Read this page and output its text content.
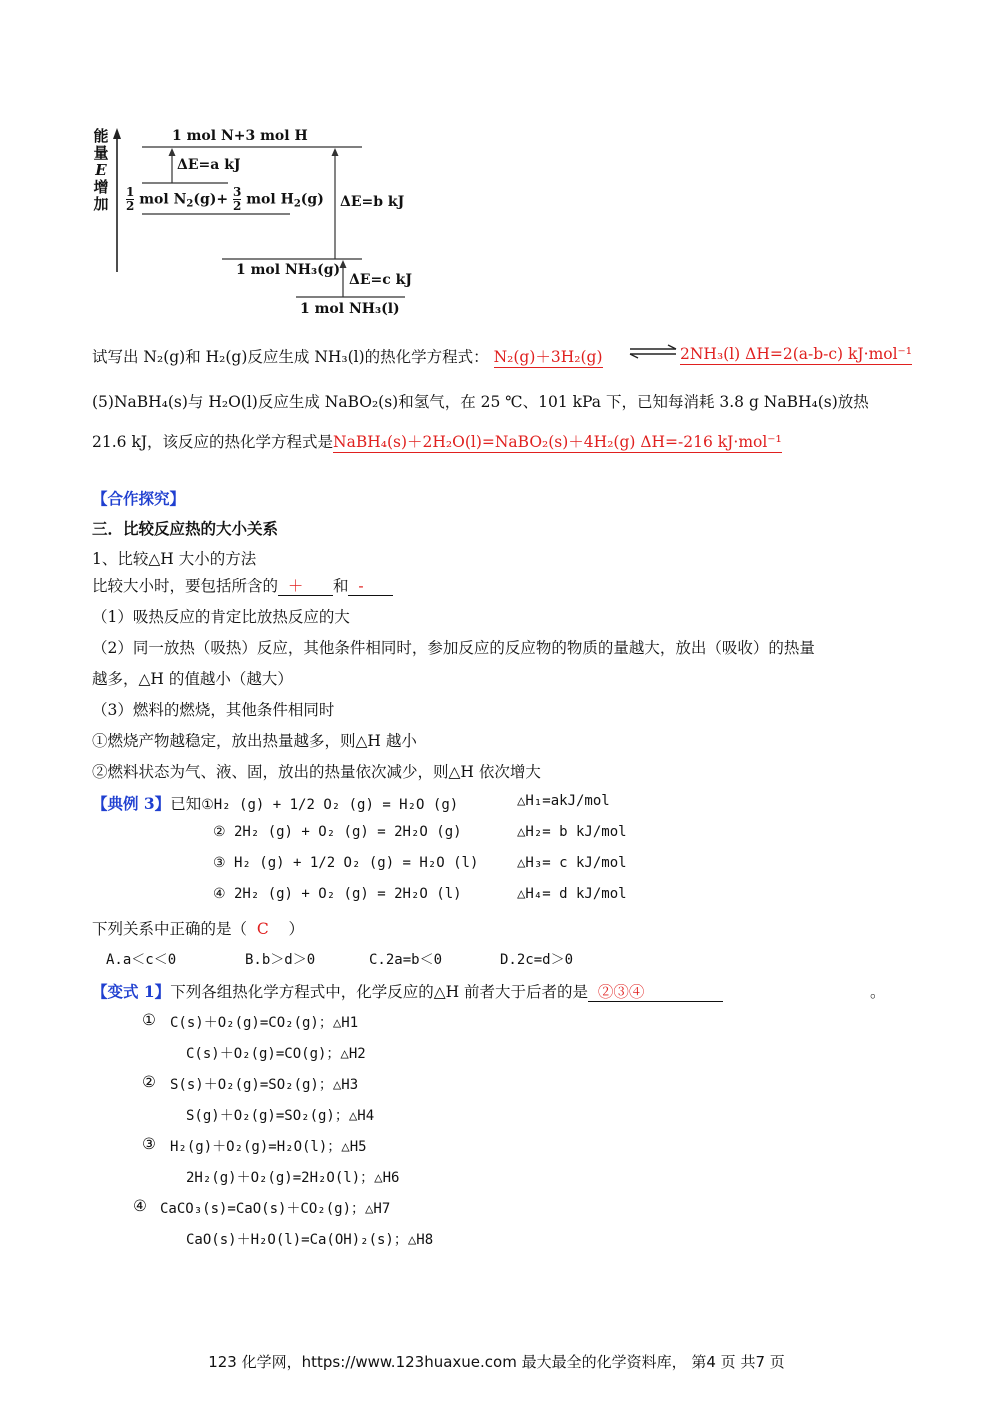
能
量
E
增
加
1 mol N+3 mol H
ΔE=a kJ
$\frac{1}{2}$ mol $N_2(g)+ \frac{3}{2}$ mol $H_2(g)$ ΔE=b kJ
1 mol NH₃(g)
ΔE=c kJ
1 mol NH₃(l)
试写出 N₂(g)和 H₂(g)反应生成 NH₃(l)的热化学方程式： N₂(g)＋3H₂(g) ⇌ 2NH₃(l) ΔH=2(a-b-c) kJ·mol⁻¹
(5)NaBH₄(s)与 H₂O(l)反应生成 NaBO₂(s)和氢气，在 25 ℃、101 kPa 下，已知每消耗 3.8 g NaBH₄(s)放热
21.6 kJ，该反应的热化学方程式是NaBH₄(s)＋2H₂O(l)=NaBO₂(s)＋4H₂(g) ΔH=-216 kJ·mol⁻¹
【合作探究】
三．比较反应热的大小关系
1、比较△H 大小的方法
比较大小时，要包括所含的 ＋ 和 -
（1）吸热反应的肯定比放热反应的大
（2）同一放热（吸热）反应，其他条件相同时，参加反应的反应物的物质的量越大，放出（吸收）的热量
越多，△H 的值越小（越大）
（3）燃料的燃烧，其他条件相同时
①燃烧产物越稳定，放出热量越多，则△H 越小
②燃料状态为气、液、固，放出的热量依次减少，则△H 依次增大
【典例 3】已知①H₂ (g) + 1/2 O₂ (g) = H₂O (g)	△H₁=akJ/mol
② 2H₂ (g) + O₂ (g) = 2H₂O (g)	△H₂= b kJ/mol
③ H₂ (g) + 1/2 O₂ (g) = H₂O (l)	△H₃= c kJ/mol
④ 2H₂ (g) + O₂ (g) = 2H₂O (l)	△H₄= d kJ/mol
下列关系中正确的是（ C ）
A.a＜c＜0	B.b＞d＞0	C.2a=b＜0	D.2c=d＞0
【变式 1】下列各组热化学方程式中，化学反应的△H 前者大于后者的是 ②③④	。
① C(s)＋O₂(g)=CO₂(g)；△H1
C(s)＋O₂(g)=CO(g)；△H2
② S(s)＋O₂(g)=SO₂(g)；△H3
S(g)＋O₂(g)=SO₂(g)；△H4
③ H₂(g)＋O₂(g)=H₂O(l)；△H5
2H₂(g)＋O₂(g)=2H₂O(l)；△H6
④ CaCO₃(s)=CaO(s)＋CO₂(g)；△H7
CaO(s)＋H₂O(l)=Ca(OH)₂(s)；△H8
123 化学网，https://www.123huaxue.com 最大最全的化学资料库， 第4 页 共7 页
